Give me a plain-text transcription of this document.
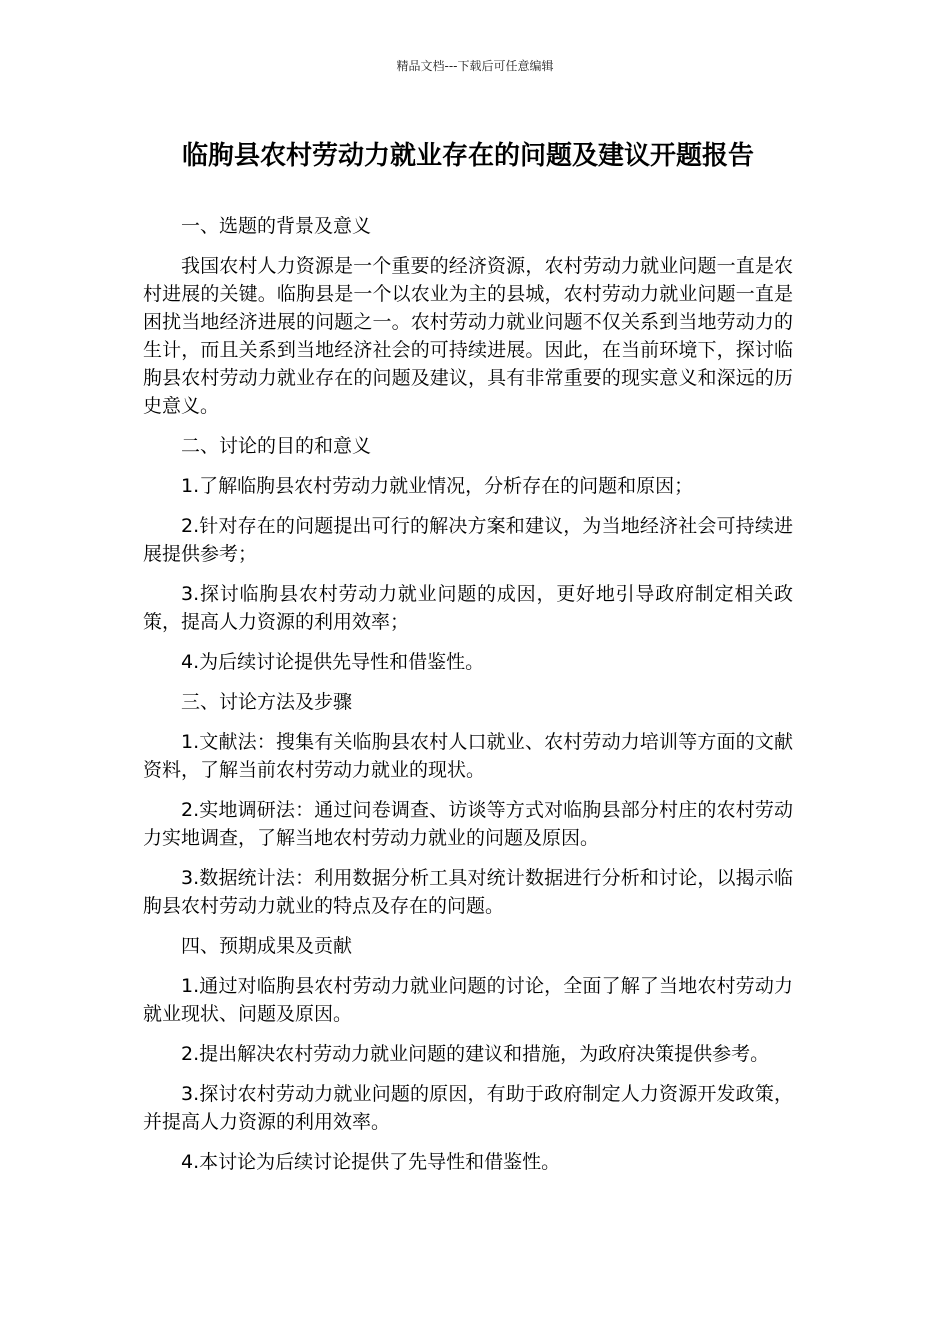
精品文档---下载后可任意编辑
临朐县农村劳动力就业存在的问题及建议开题报告

一、选题的背景及意义

我国农村人力资源是一个重要的经济资源，农村劳动力就业问题一直是农村进展的关键。临朐县是一个以农业为主的县城，农村劳动力就业问题一直是困扰当地经济进展的问题之一。农村劳动力就业问题不仅关系到当地劳动力的生计，而且关系到当地经济社会的可持续进展。因此，在当前环境下，探讨临朐县农村劳动力就业存在的问题及建议，具有非常重要的现实意义和深远的历史意义。

二、讨论的目的和意义

1.了解临朐县农村劳动力就业情况，分析存在的问题和原因；

2.针对存在的问题提出可行的解决方案和建议，为当地经济社会可持续进展提供参考；

3.探讨临朐县农村劳动力就业问题的成因，更好地引导政府制定相关政策，提高人力资源的利用效率；

4.为后续讨论提供先导性和借鉴性。

三、讨论方法及步骤

1.文献法：搜集有关临朐县农村人口就业、农村劳动力培训等方面的文献资料，了解当前农村劳动力就业的现状。

2.实地调研法：通过问卷调查、访谈等方式对临朐县部分村庄的农村劳动力实地调查，了解当地农村劳动力就业的问题及原因。

3.数据统计法：利用数据分析工具对统计数据进行分析和讨论，以揭示临朐县农村劳动力就业的特点及存在的问题。

四、预期成果及贡献

1.通过对临朐县农村劳动力就业问题的讨论，全面了解了当地农村劳动力就业现状、问题及原因。

2.提出解决农村劳动力就业问题的建议和措施，为政府决策提供参考。

3.探讨农村劳动力就业问题的原因，有助于政府制定人力资源开发政策，并提高人力资源的利用效率。

4.本讨论为后续讨论提供了先导性和借鉴性。
